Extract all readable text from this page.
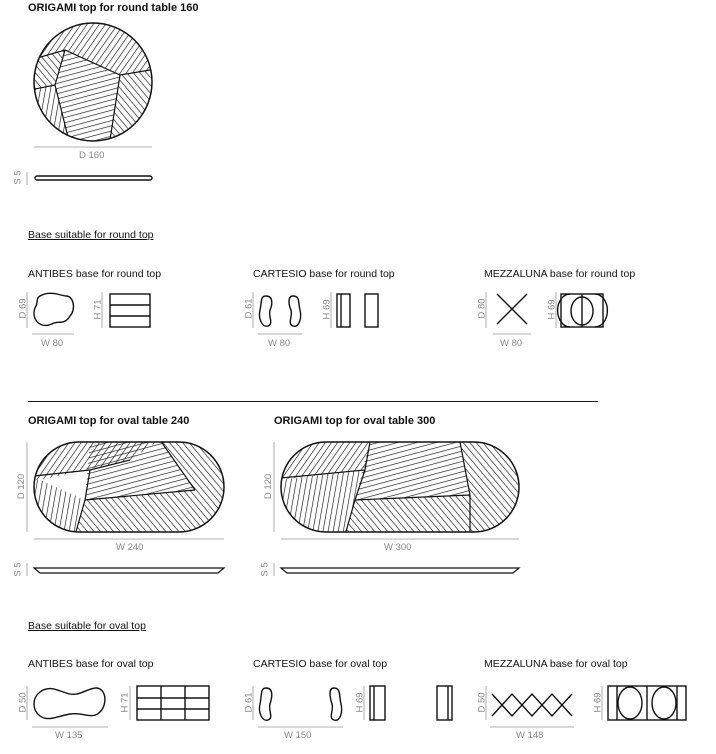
ORIGAMI top for round table 160
D 160
S 5
Base suitable for round top
ANTIBES base for round top	CARTESIO base for round top	MEZZALUNA base for round top
D 69	H 71
W 80
D 61	H 69
W 80
D 80	H 69
W 80
ORIGAMI top for oval table 240	ORIGAMI top for oval table 300
D 120
W 240
S 5
D 120
W 300
S 5
Base suitable for oval top
ANTIBES base for oval top	CARTESIO base for oval top	MEZZALUNA base for oval top
D 50	H 71
W 135
D 61	H 69
W 150
D 50	H 69
W 148
